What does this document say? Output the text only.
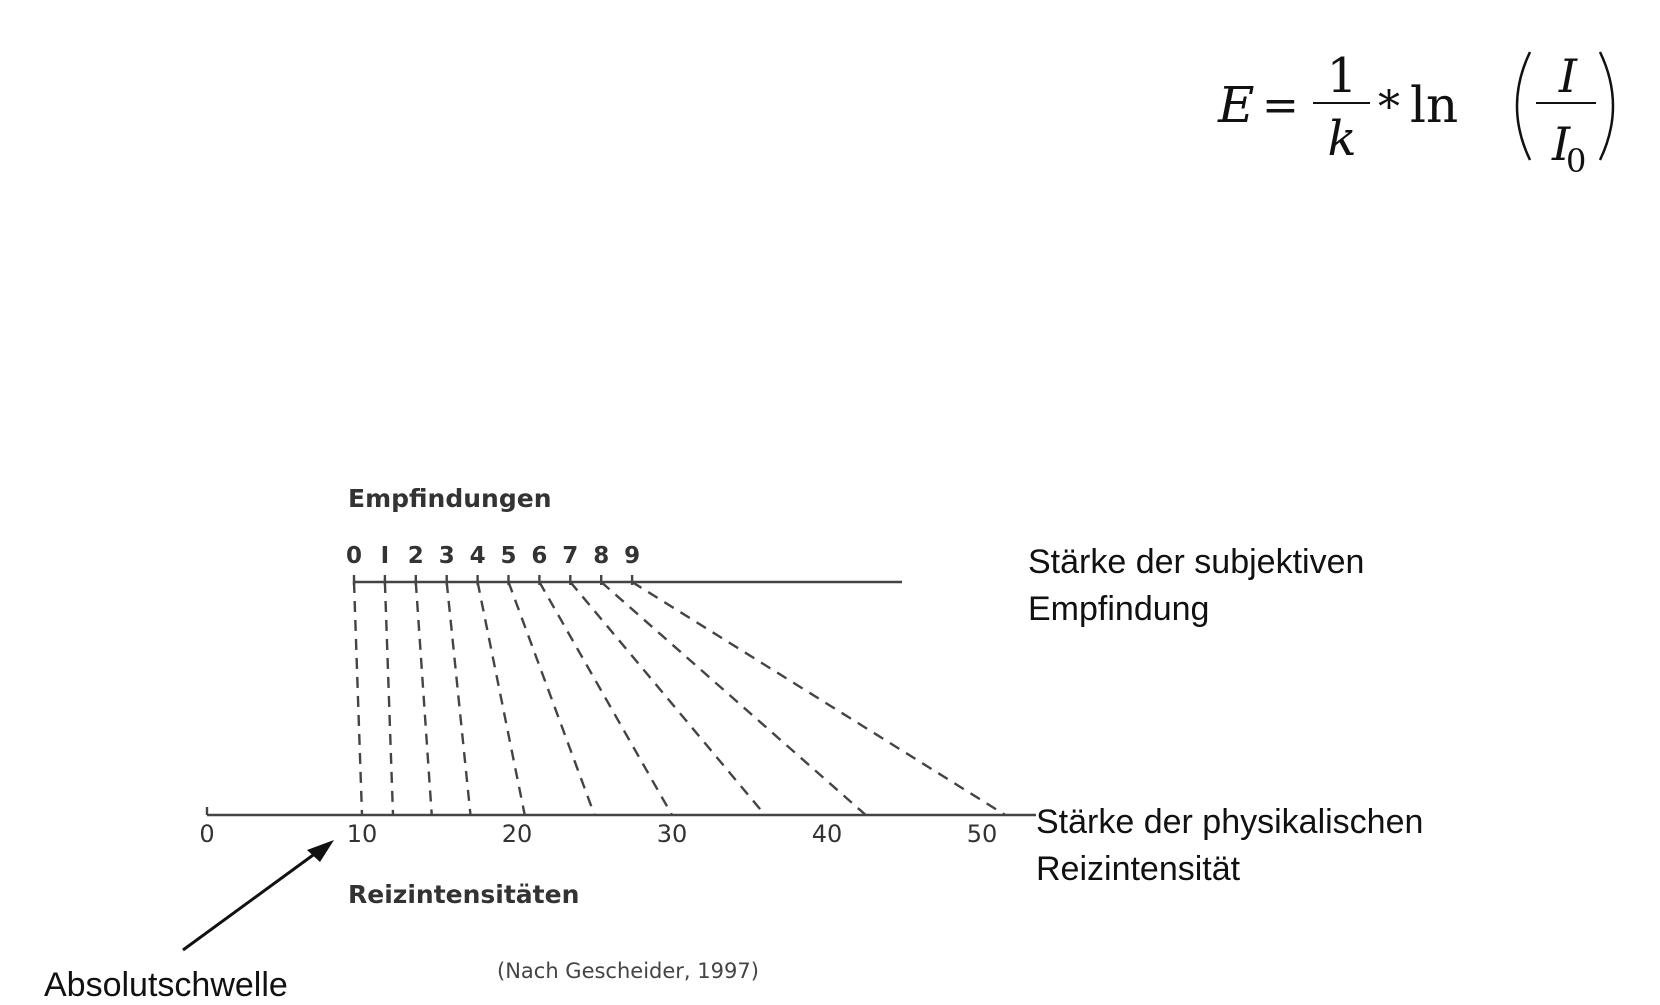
E =
1
k
* ln I
I
0
Empfindungen
0 I 2 3 4 5 6 7 8 9
0	10	20	30	40	50
Stärke der subjektiven
Empfindung
Stärke der physikalischen
Reizintensität
Reizintensitäten
Absolutschwelle	(Nach Gescheider, 1997)
